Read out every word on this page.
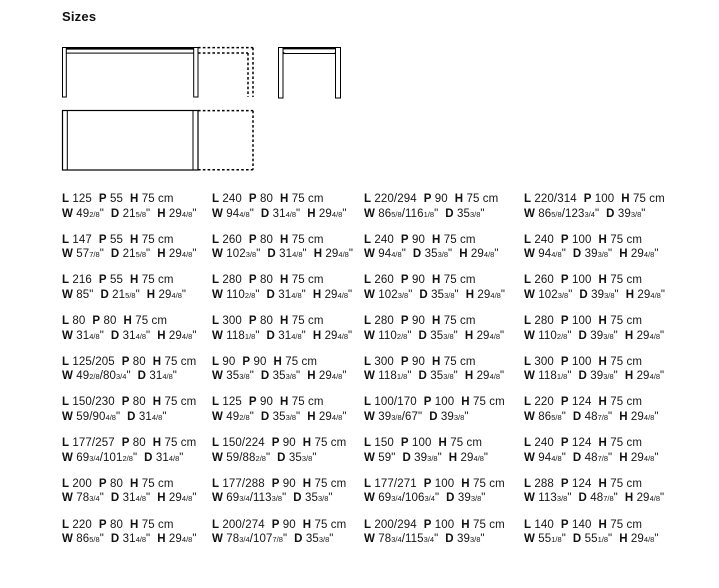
Sizes
L 125 P 55 H 75 cm
W 492/8" D 215/8" H 294/8"
L 147 P 55 H 75 cm
W 577/8" D 215/8" H 294/8"
L 216 P 55 H 75 cm
W 85" D 215/8" H 294/8"
L 80 P 80 H 75 cm
W 314/8" D 314/8" H 294/8"
L 125/205 P 80 H 75 cm
W 492/8/803/4" D 314/8"
L 150/230 P 80 H 75 cm
W 59/904/8" D 314/8"
L 177/257 P 80 H 75 cm
W 693/4/1012/8" D 314/8"
L 200 P 80 H 75 cm
W 783/4" D 314/8" H 294/8"
L 220 P 80 H 75 cm
W 865/8" D 314/8" H 294/8"
L 240 P 80 H 75 cm
W 944/8" D 314/8" H 294/8"
L 260 P 80 H 75 cm
W 1023/8" D 314/8" H 294/8"
L 280 P 80 H 75 cm
W 1102/8" D 314/8" H 294/8"
L 300 P 80 H 75 cm
W 1181/8" D 314/8" H 294/8"
L 90 P 90 H 75 cm
W 353/8" D 353/8" H 294/8"
L 125 P 90 H 75 cm
W 492/8" D 353/8" H 294/8"
L 150/224 P 90 H 75 cm
W 59/882/8" D 353/8"
L 177/288 P 90 H 75 cm
W 693/4/1133/8" D 353/8"
L 200/274 P 90 H 75 cm
W 783/4/1077/8" D 353/8"
L 220/294 P 90 H 75 cm
W 865/8/1161/8" D 353/8"
L 240 P 90 H 75 cm
W 944/8" D 353/8" H 294/8"
L 260 P 90 H 75 cm
W 1023/8" D 353/8" H 294/8"
L 280 P 90 H 75 cm
W 1102/8" D 353/8" H 294/8"
L 300 P 90 H 75 cm
W 1181/8" D 353/8" H 294/8"
L 100/170 P 100 H 75 cm
W 393/8/67" D 393/8"
L 150 P 100 H 75 cm
W 59" D 393/8" H 294/8"
L 177/271 P 100 H 75 cm
W 693/4/1063/4" D 393/8"
L 200/294 P 100 H 75 cm
W 783/4/1153/4" D 393/8"
L 220/314 P 100 H 75 cm
W 865/8/1233/4" D 393/8"
L 240 P 100 H 75 cm
W 944/8" D 393/8" H 294/8"
L 260 P 100 H 75 cm
W 1023/8" D 393/8" H 294/8"
L 280 P 100 H 75 cm
W 1102/8" D 393/8" H 294/8"
L 300 P 100 H 75 cm
W 1181/8" D 393/8" H 294/8"
L 220 P 124 H 75 cm
W 865/8" D 487/8" H 294/8"
L 240 P 124 H 75 cm
W 944/8" D 487/8" H 294/8"
L 288 P 124 H 75 cm
W 1133/8" D 487/8" H 294/8"
L 140 P 140 H 75 cm
W 551/8" D 551/8" H 294/8"
